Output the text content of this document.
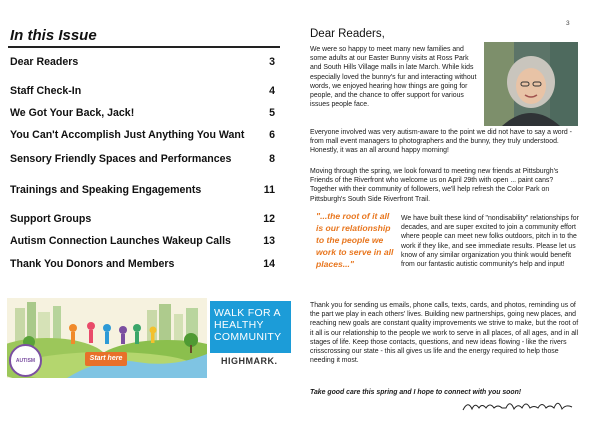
In this Issue
Dear Readers	3
Staff Check-In	4
We Got Your Back, Jack!	5
You Can't Accomplish Just Anything You Want 6
Sensory Friendly Spaces and Performances	8
Trainings and Speaking Engagements	11
Support Groups	12
Autism Connection Launches Wakeup Calls	13
Thank You Donors and Members	14
AUTISM	Start here
WALK FOR A HEALTHY COMMUNITY
HIGHMARK.
3
Dear Readers,
We were so happy to meet many new families and some adults at our Easter Bunny visits at Ross Park and South Hills Village malls in late March. While kids especially loved the bunny's fur and interacting without words, we enjoyed hearing how things are going for people, and the chance to offer support for various issues people face.
Everyone involved was very autism-aware to the point we did not have to say a word - from mall event managers to photographers and the bunny, they truly understood. Honestly, it was an all around happy morning!
Moving through the spring, we look forward to meeting new friends at Pittsburgh's Friends of the Riverfront who welcome us on April 29th with open ... paint cans? Together with their community of followers, we'll help refresh the Color Park on Pittsburgh's South Side Riverfront Trail.
"...the root of it all is our relationship to the people we work to serve in all places..."
We have built these kind of "nondisability" relationships for decades, and are super excited to join a community effort where people can meet new folks outdoors, pitch in to the work if they like, and see immediate results. Please let us know of any similar organization you think would benefit from our fantastic autistic community's help and input!
Thank you for sending us emails, phone calls, texts, cards, and photos, reminding us of the part we play in each others' lives. Building new partnerships, going new places, and reaching new goals are constant quality improvements we strive to make, but the root of it all is our relationship to the people we work to serve in all places, of all ages, and in all stages of life. Keep those contacts, questions, and new ideas flowing - like the rivers crisscrossing our state - this all gives us life and the energy required to help those needing it most.
Take good care this spring and I hope to connect with you soon!
